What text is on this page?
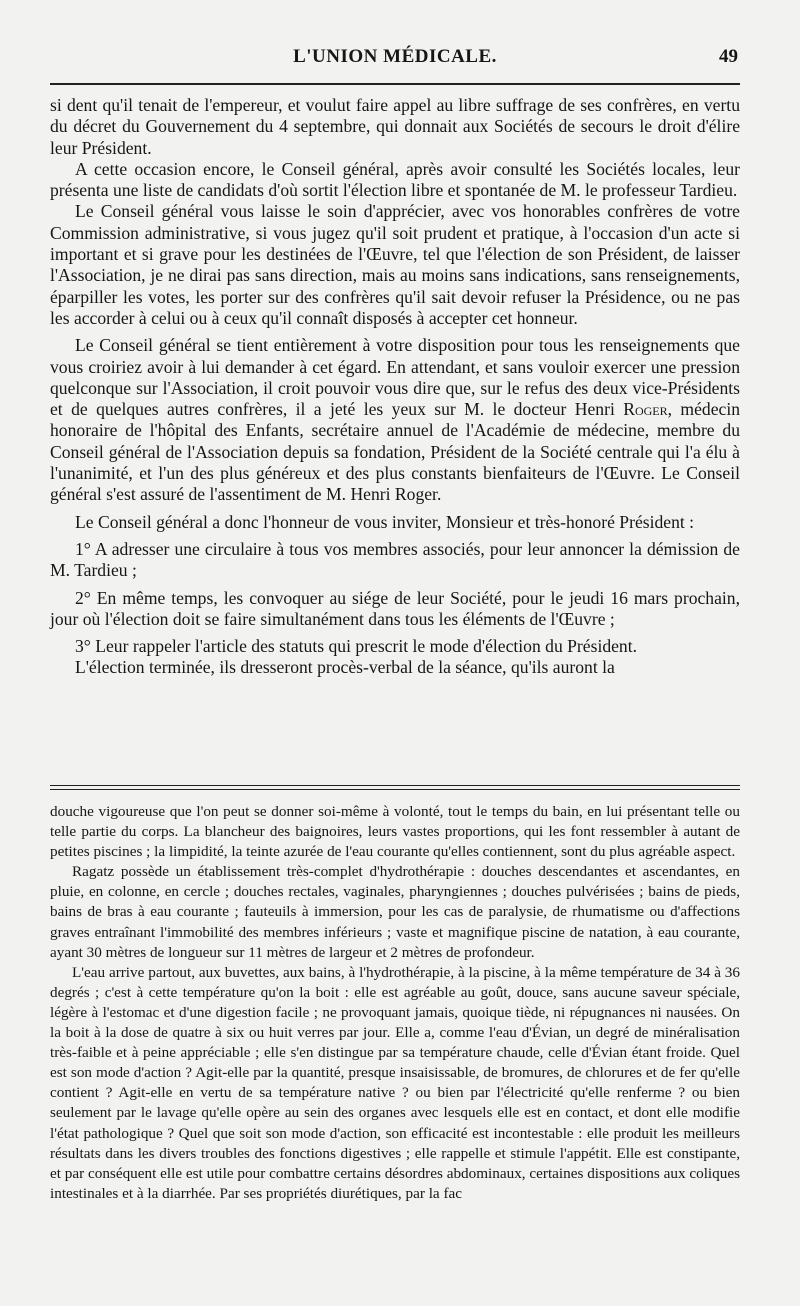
L'UNION MÉDICALE.	49

si dent qu'il tenait de l'empereur, et voulut faire appel au libre suffrage de ses confrères, en vertu du décret du Gouvernement du 4 septembre, qui donnait aux Sociétés de secours le droit d'élire leur Président.

A cette occasion encore, le Conseil général, après avoir consulté les Sociétés locales, leur présenta une liste de candidats d'où sortit l'élection libre et spontanée de M. le professeur Tardieu.

Le Conseil général vous laisse le soin d'apprécier, avec vos honorables confrères de votre Commission administrative, si vous jugez qu'il soit prudent et pratique, à l'occasion d'un acte si important et si grave pour les destinées de l'Œuvre, tel que l'élection de son Président, de laisser l'Association, je ne dirai pas sans direction, mais au moins sans indications, sans renseignements, éparpiller les votes, les porter sur des confrères qu'il sait devoir refuser la Présidence, ou ne pas les accorder à celui ou à ceux qu'il connaît disposés à accepter cet honneur.

Le Conseil général se tient entièrement à votre disposition pour tous les renseignements que vous croiriez avoir à lui demander à cet égard. En attendant, et sans vouloir exercer une pression quelconque sur l'Association, il croit pouvoir vous dire que, sur le refus des deux vice-Présidents et de quelques autres confrères, il a jeté les yeux sur M. le docteur Henri Roger, médecin honoraire de l'hôpital des Enfants, secrétaire annuel de l'Académie de médecine, membre du Conseil général de l'Association depuis sa fondation, Président de la Société centrale qui l'a élu à l'unanimité, et l'un des plus généreux et des plus constants bienfaiteurs de l'Œuvre. Le Conseil général s'est assuré de l'assentiment de M. Henri Roger.

Le Conseil général a donc l'honneur de vous inviter, Monsieur et très-honoré Président :

1° A adresser une circulaire à tous vos membres associés, pour leur annoncer la démission de M. Tardieu ;

2° En même temps, les convoquer au siége de leur Société, pour le jeudi 16 mars prochain, jour où l'élection doit se faire simultanément dans tous les éléments de l'Œuvre ;

3° Leur rappeler l'article des statuts qui prescrit le mode d'élection du Président.

L'élection terminée, ils dresseront procès-verbal de la séance, qu'ils auront la

douche vigoureuse que l'on peut se donner soi-même à volonté, tout le temps du bain, en lui présentant telle ou telle partie du corps. La blancheur des baignoires, leurs vastes proportions, qui les font ressembler à autant de petites piscines ; la limpidité, la teinte azurée de l'eau courante qu'elles contiennent, sont du plus agréable aspect.

Ragatz possède un établissement très-complet d'hydrothérapie : douches descendantes et ascendantes, en pluie, en colonne, en cercle ; douches rectales, vaginales, pharyngiennes ; douches pulvérisées ; bains de pieds, bains de bras à eau courante ; fauteuils à immersion, pour les cas de paralysie, de rhumatisme ou d'affections graves entraînant l'immobilité des membres inférieurs ; vaste et magnifique piscine de natation, à eau courante, ayant 30 mètres de longueur sur 11 mètres de largeur et 2 mètres de profondeur.

L'eau arrive partout, aux buvettes, aux bains, à l'hydrothérapie, à la piscine, à la même température de 34 à 36 degrés ; c'est à cette température qu'on la boit : elle est agréable au goût, douce, sans aucune saveur spéciale, légère à l'estomac et d'une digestion facile ; ne provoquant jamais, quoique tiède, ni répugnances ni nausées. On la boit à la dose de quatre à six ou huit verres par jour. Elle a, comme l'eau d'Évian, un degré de minéralisation très-faible et à peine appréciable ; elle s'en distingue par sa température chaude, celle d'Évian étant froide. Quel est son mode d'action ? Agit-elle par la quantité, presque insaisissable, de bromures, de chlorures et de fer qu'elle contient ? Agit-elle en vertu de sa température native ? ou bien par l'électricité qu'elle renferme ? ou bien seulement par le lavage qu'elle opère au sein des organes avec lesquels elle est en contact, et dont elle modifie l'état pathologique ? Quel que soit son mode d'action, son efficacité est incontestable : elle produit les meilleurs résultats dans les divers troubles des fonctions digestives ; elle rappelle et stimule l'appétit. Elle est constipante, et par conséquent elle est utile pour combattre certains désordres abdominaux, certaines dispositions aux coliques intestinales et à la diarrhée. Par ses propriétés diurétiques, par la fac
